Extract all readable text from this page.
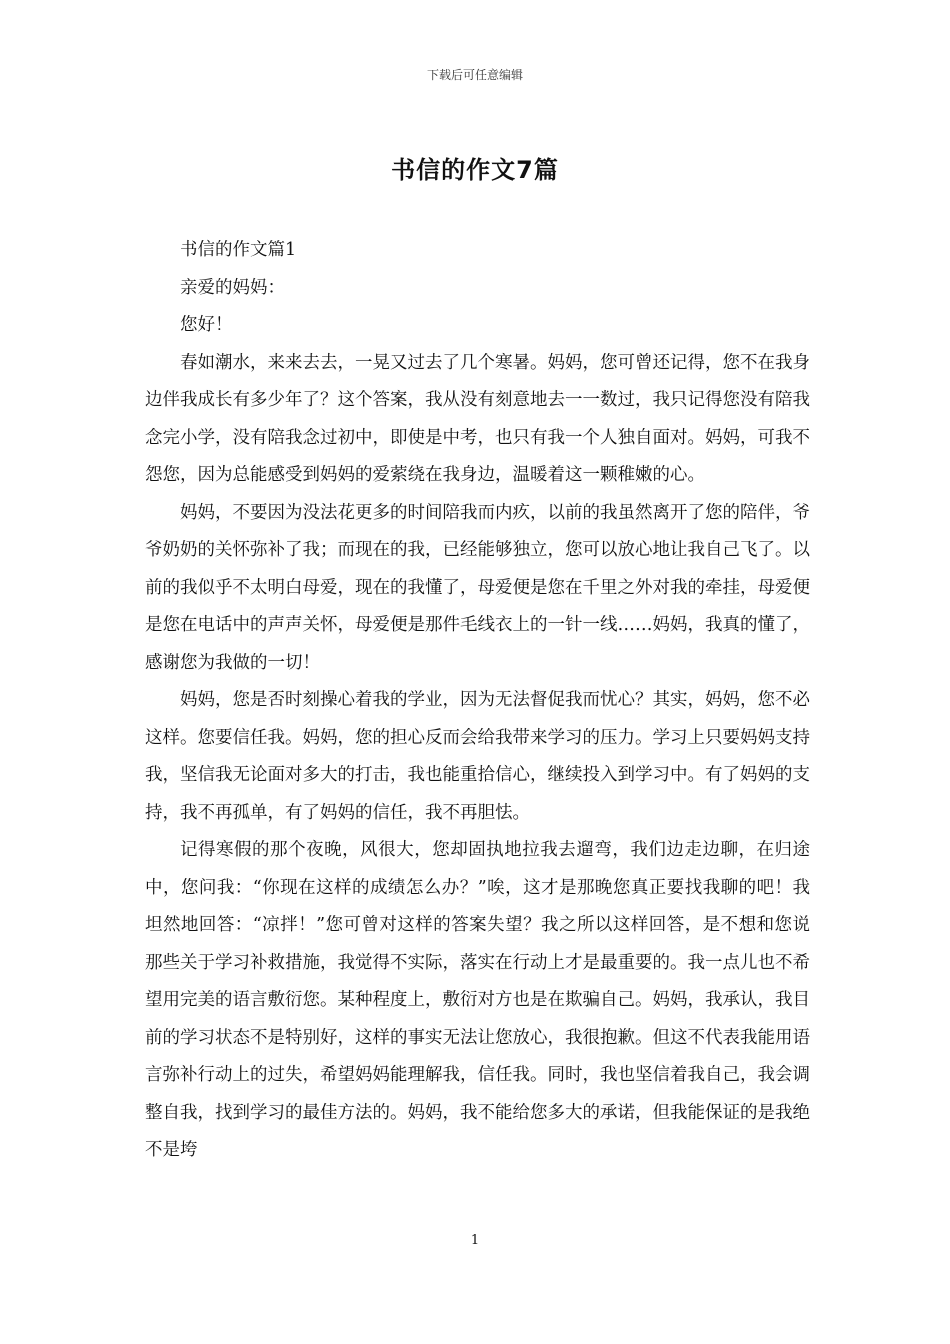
下载后可任意编辑
书信的作文7篇

书信的作文篇1

亲爱的妈妈：

您好！

春如潮水，来来去去，一晃又过去了几个寒暑。妈妈，您可曾还记得，您不在我身边伴我成长有多少年了？这个答案，我从没有刻意地去一一数过，我只记得您没有陪我念完小学，没有陪我念过初中，即使是中考，也只有我一个人独自面对。妈妈，可我不怨您，因为总能感受到妈妈的爱萦绕在我身边，温暖着这一颗稚嫩的心。

妈妈，不要因为没法花更多的时间陪我而内疚，以前的我虽然离开了您的陪伴，爷爷奶奶的关怀弥补了我；而现在的我，已经能够独立，您可以放心地让我自己飞了。以前的我似乎不太明白母爱，现在的我懂了，母爱便是您在千里之外对我的牵挂，母爱便是您在电话中的声声关怀，母爱便是那件毛线衣上的一针一线……妈妈，我真的懂了，感谢您为我做的一切！

妈妈，您是否时刻操心着我的学业，因为无法督促我而忧心？其实，妈妈，您不必这样。您要信任我。妈妈，您的担心反而会给我带来学习的压力。学习上只要妈妈支持我，坚信我无论面对多大的打击，我也能重拾信心，继续投入到学习中。有了妈妈的支持，我不再孤单，有了妈妈的信任，我不再胆怯。

记得寒假的那个夜晚，风很大，您却固执地拉我去遛弯，我们边走边聊，在归途中，您问我：“你现在这样的成绩怎么办？”唉，这才是那晚您真正要找我聊的吧！我坦然地回答：“凉拌！”您可曾对这样的答案失望？我之所以这样回答，是不想和您说那些关于学习补救措施，我觉得不实际，落实在行动上才是最重要的。我一点儿也不希望用完美的语言敷衍您。某种程度上，敷衍对方也是在欺骗自己。妈妈，我承认，我目前的学习状态不是特别好，这样的事实无法让您放心，我很抱歉。但这不代表我能用语言弥补行动上的过失，希望妈妈能理解我，信任我。同时，我也坚信着我自己，我会调整自我，找到学习的最佳方法的。妈妈，我不能给您多大的承诺，但我能保证的是我绝不是垮

1
